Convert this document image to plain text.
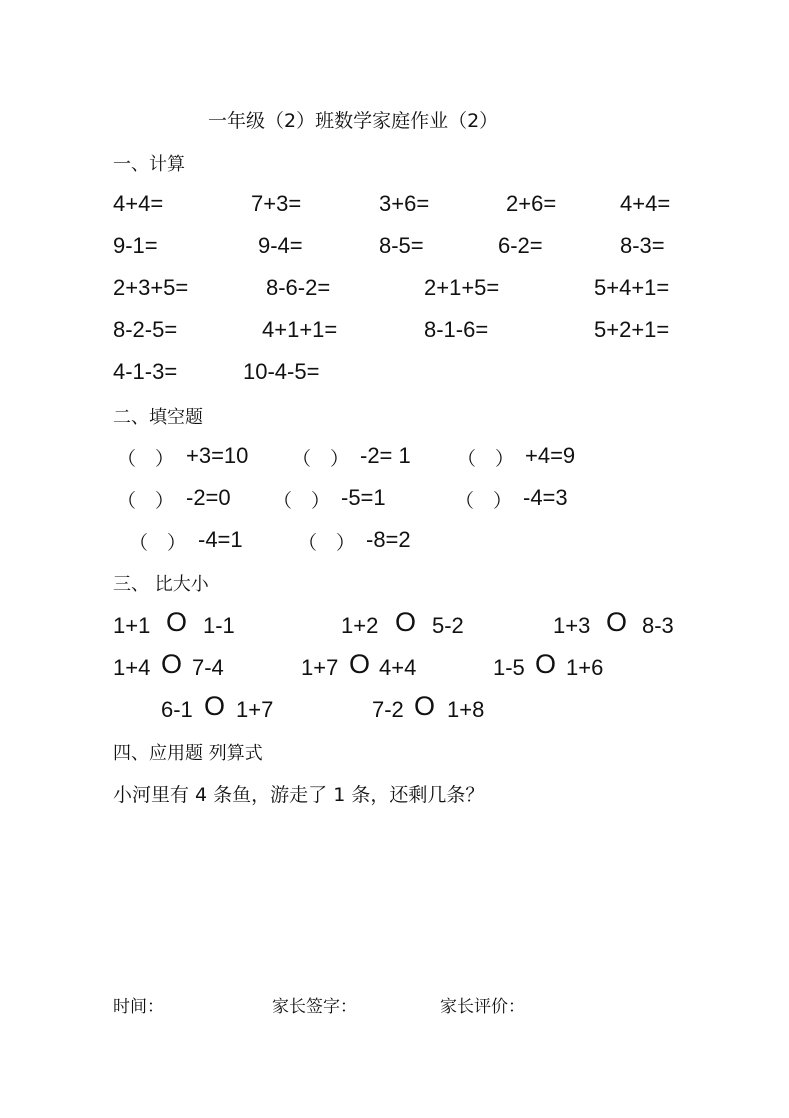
一年级（2）班数学家庭作业（2）
一、计算
4+4=	7+3=	3+6=	2+6=	4+4=
9-1=	9-4=	8-5=	6-2=	8-3=
2+3+5=	8-6-2=	2+1+5=	5+4+1=
8-2-5=	4+1+1=	8-1-6=	5+2+1=
4-1-3=	10-4-5=
二、填空题
（　） +3=10 （　） -2= 1 （　） +4=9
（　） -2=0 （　） -5=1	（　） -4=3
（　） -4=1	（　） -8=2
三、 比大小
1+1 O 1-1	1+2 O 5-2	1+3 O 8-3
1+4 O 7-4	1+7 O 4+4	1-5 O 1+6
6-1 O 1+7	7-2 O 1+8
四、应用题 列算式
小河里有 4 条鱼，游走了 1 条，还剩几条？
时间：	家长签字：	家长评价：
